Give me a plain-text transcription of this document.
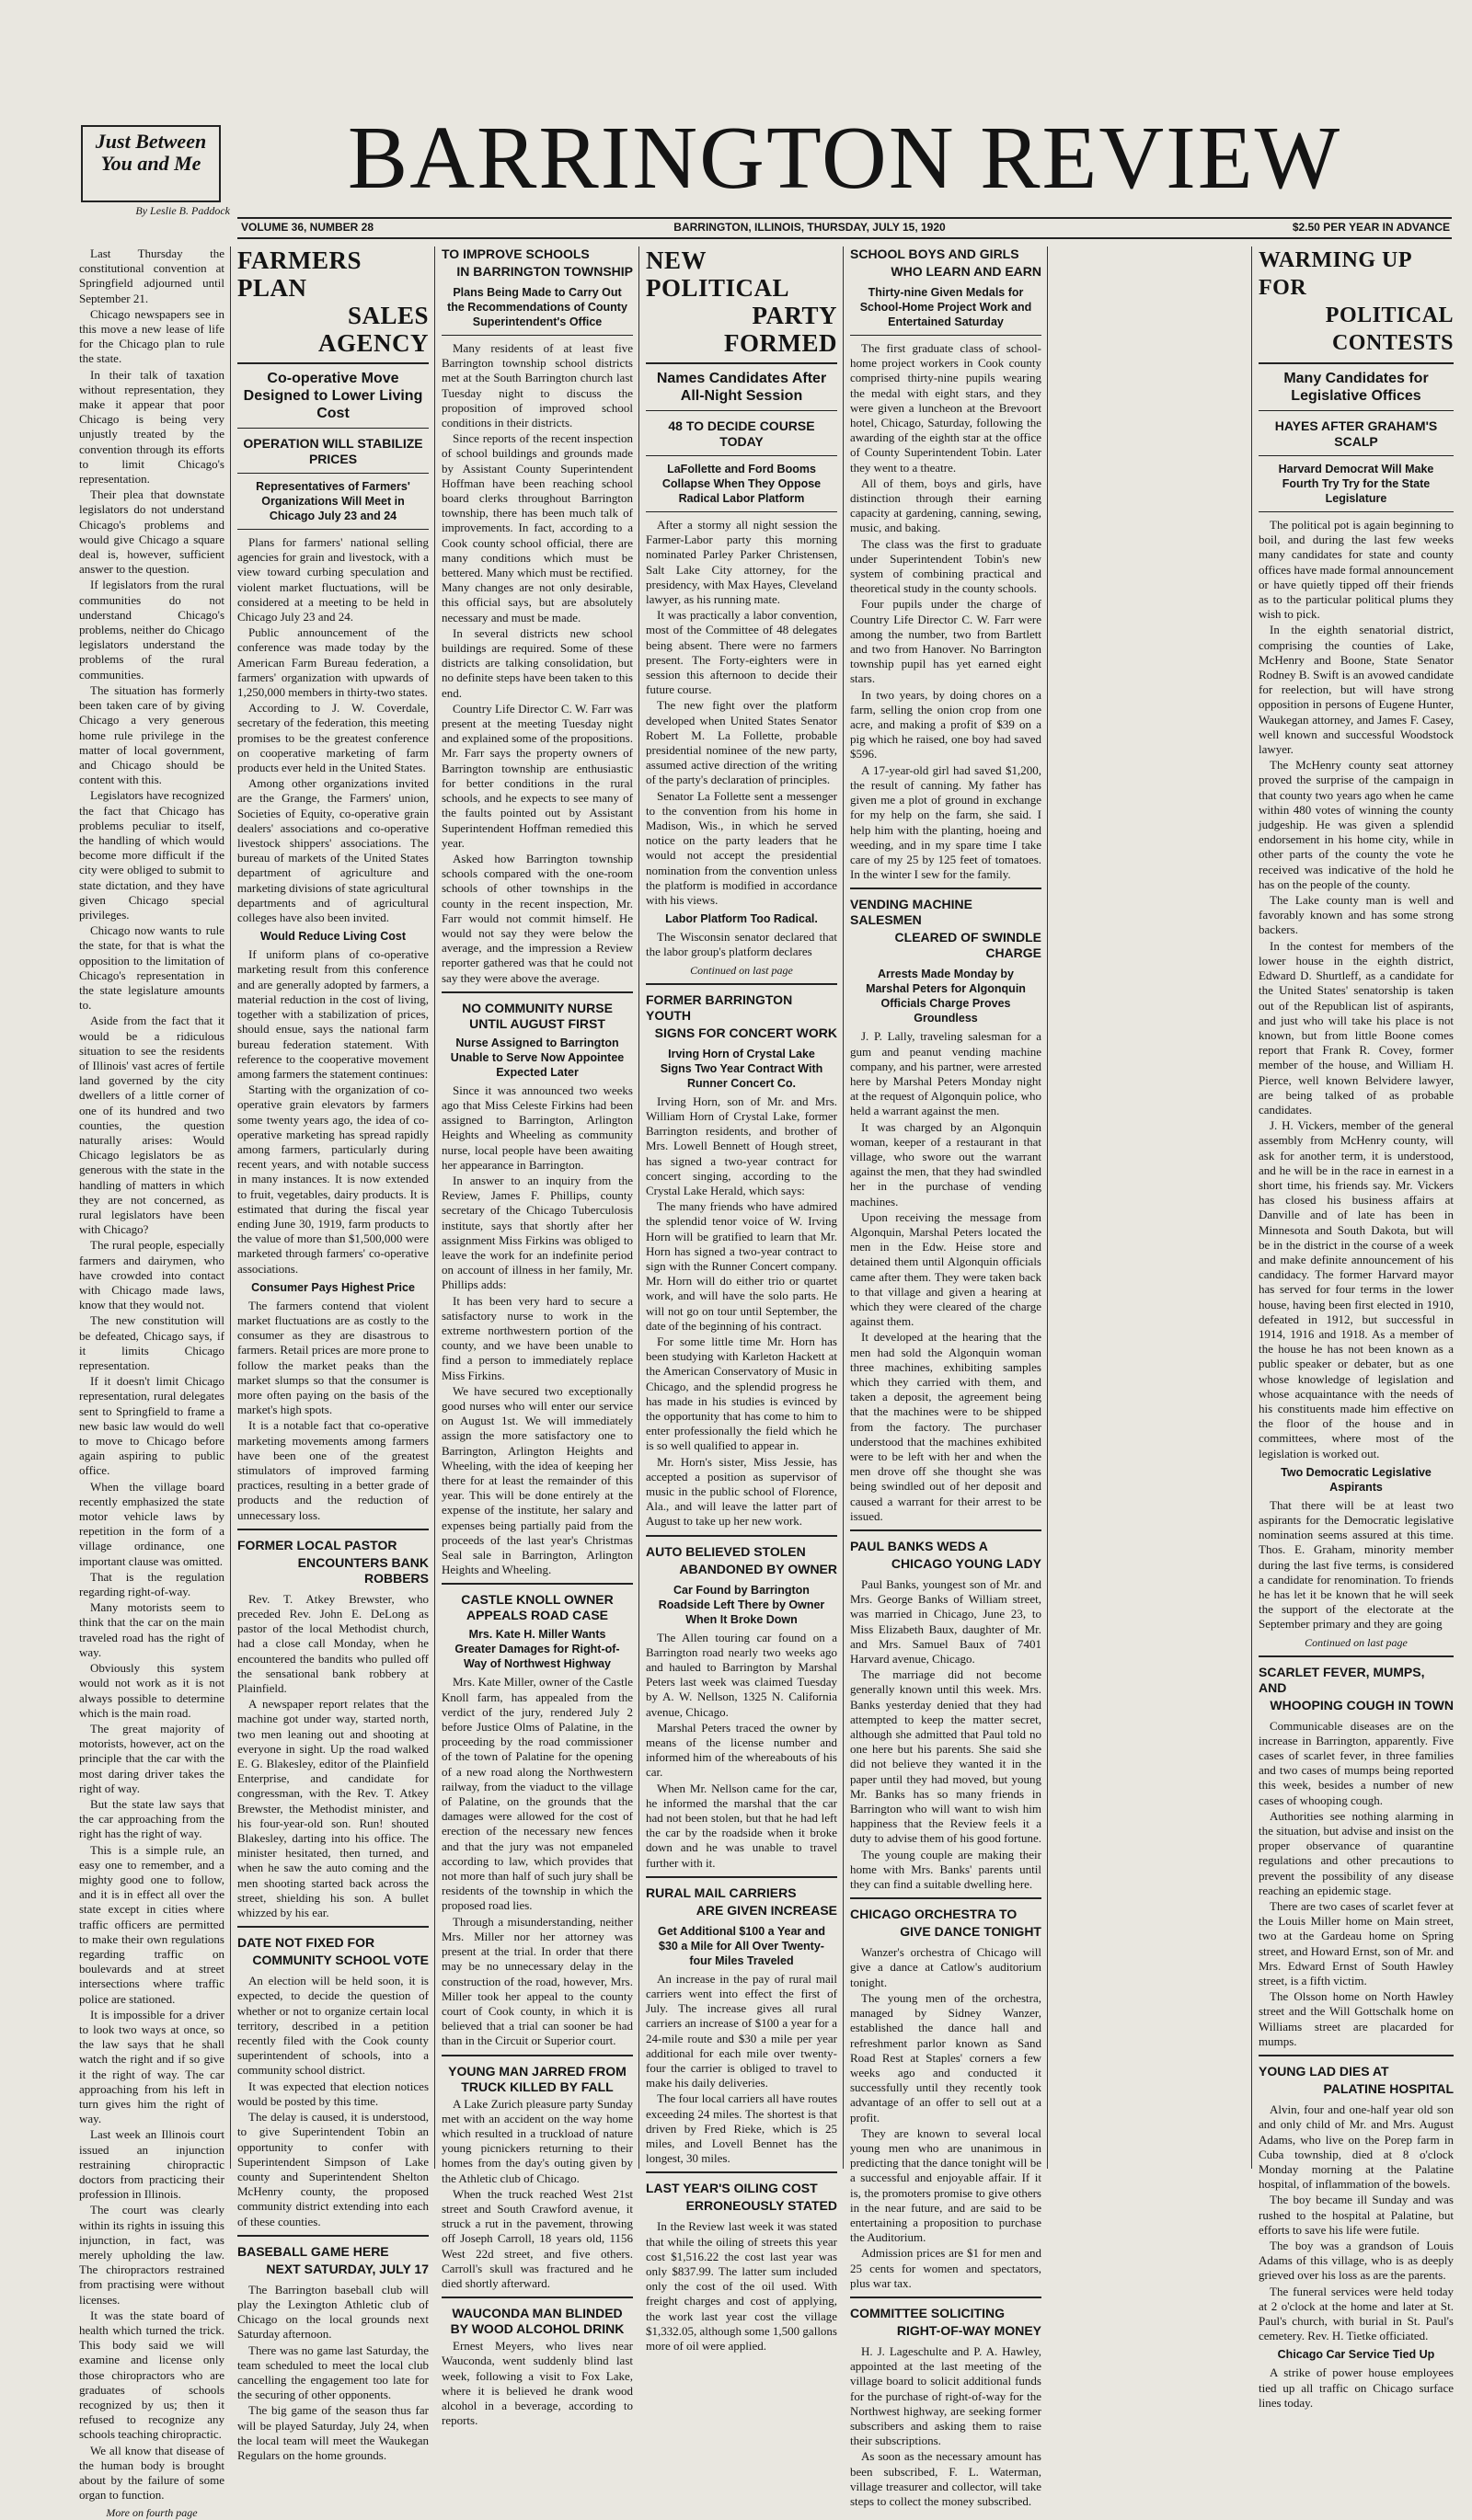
Just Between
You and Me
By Leslie B. Paddock
BARRINGTON REVIEW
VOLUME 36, NUMBER 28	BARRINGTON, ILLINOIS, THURSDAY, JULY 15, 1920	$2.50 PER YEAR IN ADVANCE

Last Thursday the constitutional convention at Springfield adjourned until September 21.

Chicago newspapers see in this move a new lease of life for the Chicago plan to rule the state.

In their talk of taxation without representation, they make it appear that poor Chicago is being very unjustly treated by the convention through its efforts to limit Chicago's representation.

Their plea that downstate legislators do not understand Chicago's problems and would give Chicago a square deal is, however, sufficient answer to the question.

If legislators from the rural communities do not understand Chicago's problems, neither do Chicago legislators understand the problems of the rural communities.

The situation has formerly been taken care of by giving Chicago a very generous home rule privilege in the matter of local government, and Chicago should be content with this.

Legislators have recognized the fact that Chicago has problems peculiar to itself, the handling of which would become more difficult if the city were obliged to submit to state dictation, and they have given Chicago special privileges.

Chicago now wants to rule the state, for that is what the opposition to the limitation of Chicago's representation in the state legislature amounts to.

Aside from the fact that it would be a ridiculous situation to see the residents of Illinois' vast acres of fertile land governed by the city dwellers of a little corner of one of its hundred and two counties, the question naturally arises: Would Chicago legislators be as generous with the state in the handling of matters in which they are not concerned, as rural legislators have been with Chicago?

The rural people, especially farmers and dairymen, who have crowded into contact with Chicago made laws, know that they would not.

The new constitution will be defeated, Chicago says, if it limits Chicago representation.

If it doesn't limit Chicago representation, rural delegates sent to Springfield to frame a new basic law would do well to move to Chicago before again aspiring to public office.

When the village board recently emphasized the state motor vehicle laws by repetition in the form of a village ordinance, one important clause was omitted.

That is the regulation regarding right-of-way.

Many motorists seem to think that the car on the main traveled road has the right of way.

Obviously this system would not work as it is not always possible to determine which is the main road.

The great majority of motorists, however, act on the principle that the car with the most daring driver takes the right of way.

But the state law says that the car approaching from the right has the right of way.

This is a simple rule, an easy one to remember, and a mighty good one to follow, and it is in effect all over the state except in cities where traffic officers are permitted to make their own regulations regarding traffic on boulevards and at street intersections where traffic police are stationed.

It is impossible for a driver to look two ways at once, so the law says that he shall watch the right and if so give it the right of way. The car approaching from his left in turn gives him the right of way.

Last week an Illinois court issued an injunction restraining chiropractic doctors from practicing their profession in Illinois.

The court was clearly within its rights in issuing this injunction, in fact, was merely upholding the law. The chiropractors restrained from practising were without licenses.

It was the state board of health which turned the trick. This body said we will examine and license only those chiropractors who are graduates of schools recognized by us; then it refused to recognize any schools teaching chiropractic.

We all know that disease of the human body is brought about by the failure of some organ to function.

More on fourth page
FARMERS PLAN
SALES AGENCY
Co-operative Move Designed to Lower Living Cost
OPERATION WILL STABILIZE PRICES
Representatives of Farmers' Organizations Will Meet in Chicago July 23 and 24

Plans for farmers' national selling agencies for grain and livestock, with a view toward curbing speculation and violent market fluctuations, will be considered at a meeting to be held in Chicago July 23 and 24.

Public announcement of the conference was made today by the American Farm Bureau federation, a farmers' organization with upwards of 1,250,000 members in thirty-two states.

According to J. W. Coverdale, secretary of the federation, this meeting promises to be the greatest conference on cooperative marketing of farm products ever held in the United States.

Among other organizations invited are the Grange, the Farmers' union, Societies of Equity, co-operative grain dealers' associations and co-operative livestock shippers' associations. The bureau of markets of the United States department of agriculture and marketing divisions of state agricultural departments and of agricultural colleges have also been invited.

Would Reduce Living Cost

If uniform plans of co-operative marketing result from this conference and are generally adopted by farmers, a material reduction in the cost of living, together with a stabilization of prices, should ensue, says the national farm bureau federation statement. With reference to the cooperative movement among farmers the statement continues:

Starting with the organization of co-operative grain elevators by farmers some twenty years ago, the idea of co-operative marketing has spread rapidly among farmers, particularly during recent years, and with notable success in many instances. It is now extended to fruit, vegetables, dairy products. It is estimated that during the fiscal year ending June 30, 1919, farm products to the value of more than $1,500,000 were marketed through farmers' co-operative associations.

Consumer Pays Highest Price

The farmers contend that violent market fluctuations are as costly to the consumer as they are disastrous to farmers. Retail prices are more prone to follow the market peaks than the market slumps so that the consumer is more often paying on the basis of the market's high spots.

It is a notable fact that co-operative marketing movements among farmers have been one of the greatest stimulators of improved farming practices, resulting in a better grade of products and the reduction of unnecessary loss.

FORMER LOCAL PASTOR
ENCOUNTERS BANK ROBBERS

Rev. T. Atkey Brewster, who preceded Rev. John E. DeLong as pastor of the local Methodist church, had a close call Monday, when he encountered the bandits who pulled off the sensational bank robbery at Plainfield.

A newspaper report relates that the machine got under way, started north, two men leaning out and shooting at everyone in sight. Up the road walked E. G. Blakesley, editor of the Plainfield Enterprise, and candidate for congressman, with the Rev. T. Atkey Brewster, the Methodist minister, and his four-year-old son. Run! shouted Blakesley, darting into his office. The minister hesitated, then turned, and when he saw the auto coming and the men shooting started back across the street, shielding his son. A bullet whizzed by his ear.

DATE NOT FIXED FOR
COMMUNITY SCHOOL VOTE

An election will be held soon, it is expected, to decide the question of whether or not to organize certain local territory, described in a petition recently filed with the Cook county superintendent of schools, into a community school district.

It was expected that election notices would be posted by this time.

The delay is caused, it is understood, to give Superintendent Tobin an opportunity to confer with Superintendent Simpson of Lake county and Superintendent Shelton McHenry county, the proposed community district extending into each of these counties.

BASEBALL GAME HERE
NEXT SATURDAY, JULY 17

The Barrington baseball club will play the Lexington Athletic club of Chicago on the local grounds next Saturday afternoon.

There was no game last Saturday, the team scheduled to meet the local club cancelling the engagement too late for the securing of other opponents.

The big game of the season thus far will be played Saturday, July 24, when the local team will meet the Waukegan Regulars on the home grounds.

TO IMPROVE SCHOOLS
IN BARRINGTON TOWNSHIP
Plans Being Made to Carry Out the Recommendations of County Superintendent's Office

Many residents of at least five Barrington township school districts met at the South Barrington church last Tuesday night to discuss the proposition of improved school conditions in their districts.

Since reports of the recent inspection of school buildings and grounds made by Assistant County Superintendent Hoffman have been reaching school board clerks throughout Barrington township, there has been much talk of improvements. In fact, according to a Cook county school official, there are many conditions which must be bettered. Many which must be rectified. Many changes are not only desirable, this official says, but are absolutely necessary and must be made.

In several districts new school buildings are required. Some of these districts are talking consolidation, but no definite steps have been taken to this end.

Country Life Director C. W. Farr was present at the meeting Tuesday night and explained some of the propositions. Mr. Farr says the property owners of Barrington township are enthusiastic for better conditions in the rural schools, and he expects to see many of the faults pointed out by Assistant Superintendent Hoffman remedied this year.

Asked how Barrington township schools compared with the one-room schools of other townships in the county in the recent inspection, Mr. Farr would not commit himself. He would not say they were below the average, and the impression a Review reporter gathered was that he could not say they were above the average.

NO COMMUNITY NURSE UNTIL AUGUST FIRST
Nurse Assigned to Barrington Unable to Serve Now Appointee Expected Later

Since it was announced two weeks ago that Miss Celeste Firkins had been assigned to Barrington, Arlington Heights and Wheeling as community nurse, local people have been awaiting her appearance in Barrington.

In answer to an inquiry from the Review, James F. Phillips, county secretary of the Chicago Tuberculosis institute, says that shortly after her assignment Miss Firkins was obliged to leave the work for an indefinite period on account of illness in her family, Mr. Phillips adds:

It has been very hard to secure a satisfactory nurse to work in the extreme northwestern portion of the county, and we have been unable to find a person to immediately replace Miss Firkins.

We have secured two exceptionally good nurses who will enter our service on August 1st. We will immediately assign the more satisfactory one to Barrington, Arlington Heights and Wheeling, with the idea of keeping her there for at least the remainder of this year. This will be done entirely at the expense of the institute, her salary and expenses being partially paid from the proceeds of the last year's Christmas Seal sale in Barrington, Arlington Heights and Wheeling.

CASTLE KNOLL OWNER APPEALS ROAD CASE
Mrs. Kate H. Miller Wants Greater Damages for Right-of-Way of Northwest Highway

Mrs. Kate Miller, owner of the Castle Knoll farm, has appealed from the verdict of the jury, rendered July 2 before Justice Olms of Palatine, in the proceeding by the road commissioner of the town of Palatine for the opening of a new road along the Northwestern railway, from the viaduct to the village of Palatine, on the grounds that the damages were allowed for the cost of erection of the necessary new fences and that the jury was not empaneled according to law, which provides that not more than half of such jury shall be residents of the township in which the proposed road lies.

Through a misunderstanding, neither Mrs. Miller nor her attorney was present at the trial. In order that there may be no unnecessary delay in the construction of the road, however, Mrs. Miller took her appeal to the county court of Cook county, in which it is believed that a trial can sooner be had than in the Circuit or Superior court.

YOUNG MAN JARRED FROM TRUCK KILLED BY FALL

A Lake Zurich pleasure party Sunday met with an accident on the way home which resulted in a truckload of nature young picnickers returning to their homes from the day's outing given by the Athletic club of Chicago.

When the truck reached West 21st street and South Crawford avenue, it struck a rut in the pavement, throwing off Joseph Carroll, 18 years old, 1156 West 22d street, and five others. Carroll's skull was fractured and he died shortly afterward.

WAUCONDA MAN BLINDED BY WOOD ALCOHOL DRINK

Ernest Meyers, who lives near Wauconda, went suddenly blind last week, following a visit to Fox Lake, where it is believed he drank wood alcohol in a beverage, according to reports.

NEW POLITICAL
PARTY FORMED
Names Candidates After All-Night Session
48 TO DECIDE COURSE TODAY
LaFollette and Ford Booms Collapse When They Oppose Radical Labor Platform

After a stormy all night session the Farmer-Labor party this morning nominated Parley Parker Christensen, Salt Lake City attorney, for the presidency, with Max Hayes, Cleveland lawyer, as his running mate.

It was practically a labor convention, most of the Committee of 48 delegates being absent. There were no farmers present. The Forty-eighters were in session this afternoon to decide their future course.

The new fight over the platform developed when United States Senator Robert M. La Follette, probable presidential nominee of the new party, assumed active direction of the writing of the party's declaration of principles.

Senator La Follette sent a messenger to the convention from his home in Madison, Wis., in which he served notice on the party leaders that he would not accept the presidential nomination from the convention unless the platform is modified in accordance with his views.

Labor Platform Too Radical.

The Wisconsin senator declared that the labor group's platform declares

Continued on last page
FORMER BARRINGTON YOUTH
SIGNS FOR CONCERT WORK
Irving Horn of Crystal Lake Signs Two Year Contract With Runner Concert Co.

Irving Horn, son of Mr. and Mrs. William Horn of Crystal Lake, former Barrington residents, and brother of Mrs. Lowell Bennett of Hough street, has signed a two-year contract for concert singing, according to the Crystal Lake Herald, which says:

The many friends who have admired the splendid tenor voice of W. Irving Horn will be gratified to learn that Mr. Horn has signed a two-year contract to sign with the Runner Concert company. Mr. Horn will do either trio or quartet work, and will have the solo parts. He will not go on tour until September, the date of the beginning of his contract.

For some little time Mr. Horn has been studying with Karleton Hackett at the American Conservatory of Music in Chicago, and the splendid progress he has made in his studies is evinced by the opportunity that has come to him to enter professionally the field which he is so well qualified to appear in.

Mr. Horn's sister, Miss Jessie, has accepted a position as supervisor of music in the public school of Florence, Ala., and will leave the latter part of August to take up her new work.

AUTO BELIEVED STOLEN
ABANDONED BY OWNER
Car Found by Barrington Roadside Left There by Owner When It Broke Down

The Allen touring car found on a Barrington road nearly two weeks ago and hauled to Barrington by Marshal Peters last week was claimed Tuesday by A. W. Nellson, 1325 N. California avenue, Chicago.

Marshal Peters traced the owner by means of the license number and informed him of the whereabouts of his car.

When Mr. Nellson came for the car, he informed the marshal that the car had not been stolen, but that he had left the car by the roadside when it broke down and he was unable to travel further with it.

RURAL MAIL CARRIERS
ARE GIVEN INCREASE
Get Additional $100 a Year and $30 a Mile for All Over Twenty-four Miles Traveled

An increase in the pay of rural mail carriers went into effect the first of July. The increase gives all rural carriers an increase of $100 a year for a 24-mile route and $30 a mile per year additional for each mile over twenty-four the carrier is obliged to travel to make his daily deliveries.

The four local carriers all have routes exceeding 24 miles. The shortest is that driven by Fred Rieke, which is 25 miles, and Lovell Bennet has the longest, 30 miles.

LAST YEAR'S OILING COST
ERRONEOUSLY STATED

In the Review last week it was stated that while the oiling of streets this year cost $1,516.22 the cost last year was only $837.99. The latter sum included only the cost of the oil used. With freight charges and cost of applying, the work last year cost the village $1,332.05, although some 1,500 gallons more of oil were applied.

SCHOOL BOYS AND GIRLS
WHO LEARN AND EARN
Thirty-nine Given Medals for School-Home Project Work and Entertained Saturday

The first graduate class of school-home project workers in Cook county comprised thirty-nine pupils wearing the medal with eight stars, and they were given a luncheon at the Brevoort hotel, Chicago, Saturday, following the awarding of the eighth star at the office of County Superintendent Tobin. Later they went to a theatre.

All of them, boys and girls, have distinction through their earning capacity at gardening, canning, sewing, music, and baking.

The class was the first to graduate under Superintendent Tobin's new system of combining practical and theoretical study in the county schools.

Four pupils under the charge of Country Life Director C. W. Farr were among the number, two from Bartlett and two from Hanover. No Barrington township pupil has yet earned eight stars.

In two years, by doing chores on a farm, selling the onion crop from one acre, and making a profit of $39 on a pig which he raised, one boy had saved $596.

A 17-year-old girl had saved $1,200, the result of canning. My father has given me a plot of ground in exchange for my help on the farm, she said. I help him with the planting, hoeing and weeding, and in my spare time I take care of my 25 by 125 feet of tomatoes. In the winter I sew for the family.

VENDING MACHINE SALESMEN
CLEARED OF SWINDLE CHARGE
Arrests Made Monday by Marshal Peters for Algonquin Officials Charge Proves Groundless

J. P. Lally, traveling salesman for a gum and peanut vending machine company, and his partner, were arrested here by Marshal Peters Monday night at the request of Algonquin police, who held a warrant against the men.

It was charged by an Algonquin woman, keeper of a restaurant in that village, who swore out the warrant against the men, that they had swindled her in the purchase of vending machines.

Upon receiving the message from Algonquin, Marshal Peters located the men in the Edw. Heise store and detained them until Algonquin officials came after them. They were taken back to that village and given a hearing at which they were cleared of the charge against them.

It developed at the hearing that the men had sold the Algonquin woman three machines, exhibiting samples which they carried with them, and taken a deposit, the agreement being that the machines were to be shipped from the factory. The purchaser understood that the machines exhibited were to be left with her and when the men drove off she thought she was being swindled out of her deposit and caused a warrant for their arrest to be issued.

PAUL BANKS WEDS A
CHICAGO YOUNG LADY

Paul Banks, youngest son of Mr. and Mrs. George Banks of William street, was married in Chicago, June 23, to Miss Elizabeth Baux, daughter of Mr. and Mrs. Samuel Baux of 7401 Harvard avenue, Chicago.

The marriage did not become generally known until this week. Mrs. Banks yesterday denied that they had attempted to keep the matter secret, although she admitted that Paul told no one here but his parents. She said she did not believe they wanted it in the paper until they had moved, but young Mr. Banks has so many friends in Barrington who will want to wish him happiness that the Review feels it a duty to advise them of his good fortune.

The young couple are making their home with Mrs. Banks' parents until they can find a suitable dwelling here.

CHICAGO ORCHESTRA TO
GIVE DANCE TONIGHT

Wanzer's orchestra of Chicago will give a dance at Catlow's auditorium tonight.

The young men of the orchestra, managed by Sidney Wanzer, established the dance hall and refreshment parlor known as Sand Road Rest at Staples' corners a few weeks ago and conducted it successfully until they recently took advantage of an offer to sell out at a profit.

They are known to several local young men who are unanimous in predicting that the dance tonight will be a successful and enjoyable affair. If it is, the promoters promise to give others in the near future, and are said to be entertaining a proposition to purchase the Auditorium.

Admission prices are $1 for men and 25 cents for women and spectators, plus war tax.

COMMITTEE SOLICITING
RIGHT-OF-WAY MONEY

H. J. Lageschulte and P. A. Hawley, appointed at the last meeting of the village board to solicit additional funds for the purchase of right-of-way for the Northwest highway, are seeking former subscribers and asking them to raise their subscriptions.

As soon as the necessary amount has been subscribed, F. L. Waterman, village treasurer and collector, will take steps to collect the money subscribed.

WARMING UP FOR
POLITICAL CONTESTS
Many Candidates for Legislative Offices
HAYES AFTER GRAHAM'S SCALP
Harvard Democrat Will Make Fourth Try Try for the State Legislature

The political pot is again beginning to boil, and during the last few weeks many candidates for state and county offices have made formal announcement or have quietly tipped off their friends as to the particular political plums they wish to pick.

In the eighth senatorial district, comprising the counties of Lake, McHenry and Boone, State Senator Rodney B. Swift is an avowed candidate for reelection, but will have strong opposition in persons of Eugene Hunter, Waukegan attorney, and James F. Casey, well known and successful Woodstock lawyer.

The McHenry county seat attorney proved the surprise of the campaign in that county two years ago when he came within 480 votes of winning the county judgeship. He was given a splendid endorsement in his home city, while in other parts of the county the vote he received was indicative of the hold he has on the people of the county.

The Lake county man is well and favorably known and has some strong backers.

In the contest for members of the lower house in the eighth district, Edward D. Shurtleff, as a candidate for the United States' senatorship is taken out of the Republican list of aspirants, and just who will take his place is not known, but from little Boone comes report that Frank R. Covey, former member of the house, and William H. Pierce, well known Belvidere lawyer, are being talked of as probable candidates.

J. H. Vickers, member of the general assembly from McHenry county, will ask for another term, it is understood, and he will be in the race in earnest in a short time, his friends say. Mr. Vickers has closed his business affairs at Danville and of late has been in Minnesota and South Dakota, but will be in the district in the course of a week and make definite announcement of his candidacy. The former Harvard mayor has served for four terms in the lower house, having been first elected in 1910, defeated in 1912, but successful in 1914, 1916 and 1918. As a member of the house he has not been known as a public speaker or debater, but as one whose knowledge of legislation and whose acquaintance with the needs of his constituents made him effective on the floor of the house and in committees, where most of the legislation is worked out.

Two Democratic Legislative Aspirants

That there will be at least two aspirants for the Democratic legislative nomination seems assured at this time. Thos. E. Graham, minority member during the last five terms, is considered a candidate for renomination. To friends he has let it be known that he will seek the support of the electorate at the September primary and they are going

Continued on last page
SCARLET FEVER, MUMPS, AND
WHOOPING COUGH IN TOWN

Communicable diseases are on the increase in Barrington, apparently. Five cases of scarlet fever, in three families and two cases of mumps being reported this week, besides a number of new cases of whooping cough.

Authorities see nothing alarming in the situation, but advise and insist on the proper observance of quarantine regulations and other precautions to prevent the possibility of any disease reaching an epidemic stage.

There are two cases of scarlet fever at the Louis Miller home on Main street, two at the Gardeau home on Spring street, and Howard Ernst, son of Mr. and Mrs. Edward Ernst of South Hawley street, is a fifth victim.

The Olsson home on North Hawley street and the Will Gottschalk home on Williams street are placarded for mumps.

YOUNG LAD DIES AT
PALATINE HOSPITAL

Alvin, four and one-half year old son and only child of Mr. and Mrs. August Adams, who live on the Porep farm in Cuba township, died at 8 o'clock Monday morning at the Palatine hospital, of inflammation of the bowels.

The boy became ill Sunday and was rushed to the hospital at Palatine, but efforts to save his life were futile.

The boy was a grandson of Louis Adams of this village, who is as deeply grieved over his loss as are the parents.

The funeral services were held today at 2 o'clock at the home and later at St. Paul's church, with burial in St. Paul's cemetery. Rev. H. Tietke officiated.

Chicago Car Service Tied Up

A strike of power house employees tied up all traffic on Chicago surface lines today.
